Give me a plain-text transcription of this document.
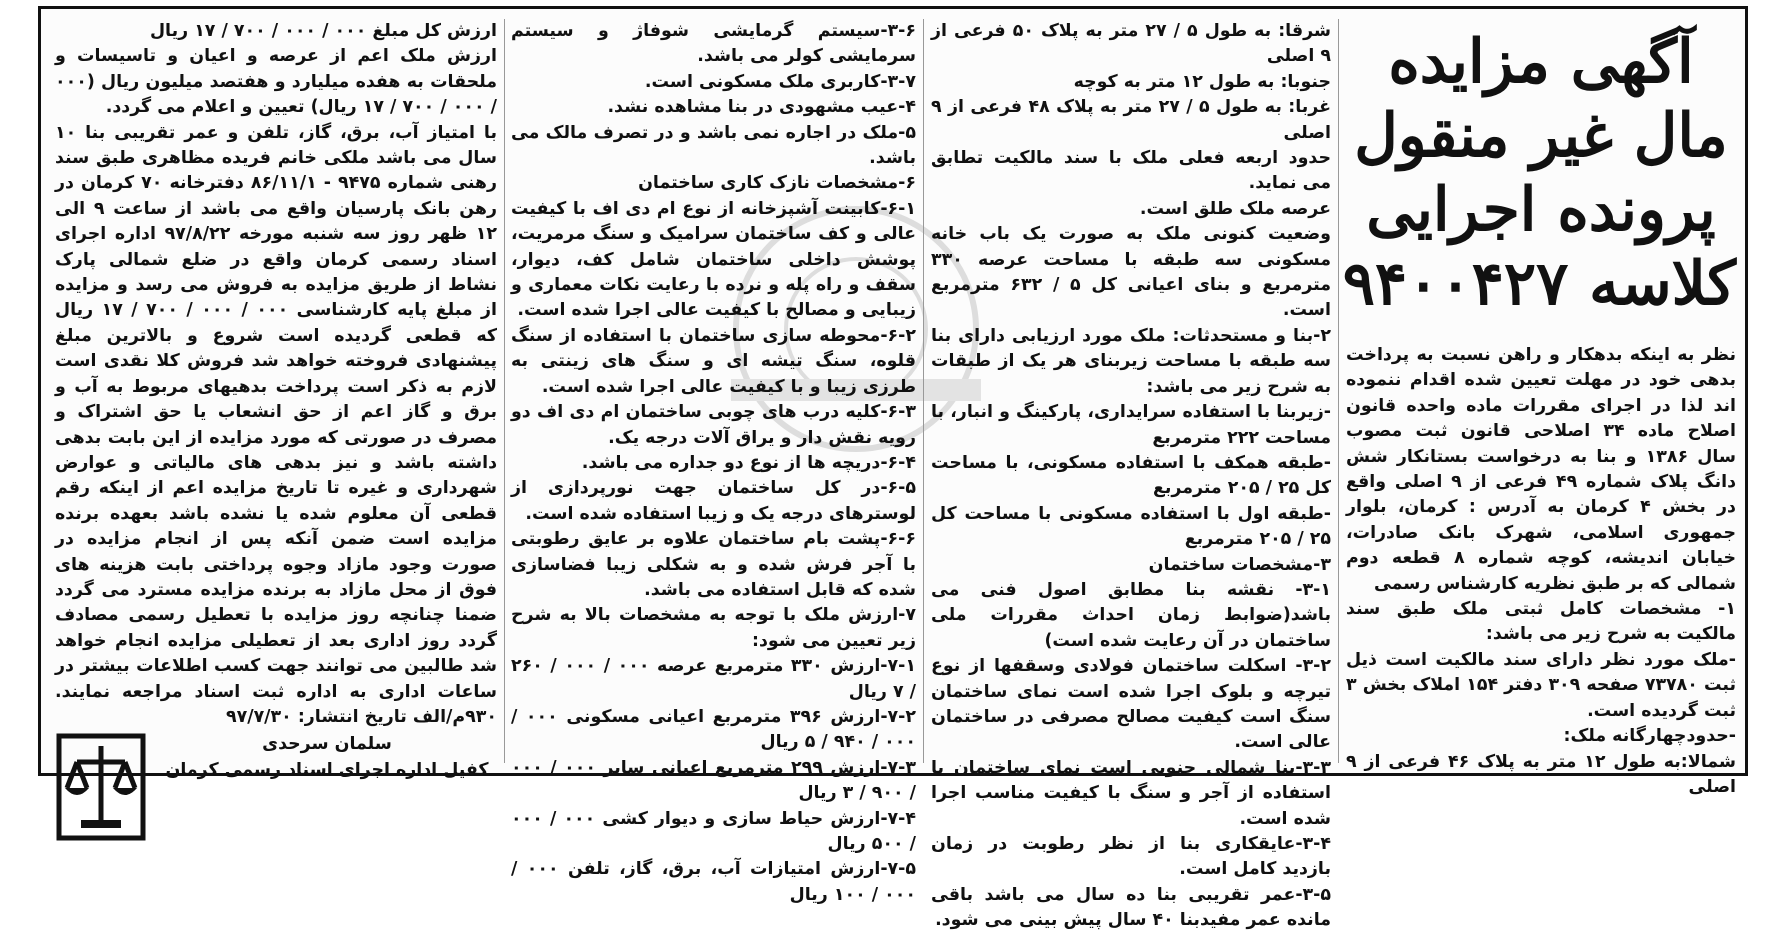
آگهی مزایده
مال غیر منقول
پرونده اجرایی
کلاسه ۹۴۰۰۴۲۷

نظر به اینکه بدهکار و راهن نسبت به پرداخت بدهی خود در مهلت تعیین شده اقدام ننموده اند لذا در اجرای مقررات ماده واحده قانون اصلاح ماده ۳۴ اصلاحی قانون ثبت مصوب سال ۱۳۸۶ و بنا به درخواست بستانکار شش دانگ پلاک شماره ۴۹ فرعی از ۹ اصلی واقع در بخش ۴ کرمان به آدرس : کرمان، بلوار جمهوری اسلامی، شهرک بانک صادرات، خیابان اندیشه، کوچه شماره ۸ قطعه دوم شمالی که بر طبق نظریه کارشناس رسمی

۱- مشخصات کامل ثبتی ملک طبق سند مالکیت به شرح زیر می باشد:

-ملک مورد نظر دارای سند مالکیت است ذیل ثبت ۷۳۷۸۰ صفحه ۳۰۹ دفتر ۱۵۴ املاک بخش ۳ ثبت گردیده است.

-حدودچهارگانه ملک:

شمالا:به طول ۱۲ متر به پلاک ۴۶ فرعی از ۹ اصلی

شرقا: به طول ۵ / ۲۷ متر به پلاک ۵۰ فرعی از ۹ اصلی

جنوبا: به طول ۱۲ متر به کوچه

غربا: به طول ۵ / ۲۷ متر به پلاک ۴۸ فرعی از ۹ اصلی

حدود اربعه فعلی ملک با سند مالکیت تطابق می نماید.

عرصه ملک طلق است.

وضعیت کنونی ملک به صورت یک باب خانه مسکونی سه طبقه با مساحت عرصه ۳۳۰ مترمربع و بنای اعیانی کل ۵ / ۶۳۲ مترمربع است.

۲-بنا و مستحدثات: ملک مورد ارزیابی دارای بنا سه طبقه با مساحت زیربنای هر یک از طبقات به شرح زیر می باشد:

-زیربنا با استفاده سرایداری، پارکینگ و انبار، با مساحت ۲۲۲ مترمربع

-طبقه همکف با استفاده مسکونی، با مساحت کل ۲۵ / ۲۰۵ مترمربع

-طبقه اول با استفاده مسکونی با مساحت کل ۲۵ / ۲۰۵ مترمربع

۳-مشخصات ساختمان

۳-۱- نقشه بنا مطابق اصول فنی می باشد(ضوابط زمان احداث مقررات ملی ساختمان در آن رعایت شده است)

۳-۲- اسکلت ساختمان فولادی وسقفها از نوع تیرچه و بلوک اجرا شده است نمای ساختمان سنگ است کیفیت مصالح مصرفی در ساختمان عالی است.

۳-۳-بنا شمالی جنوبی است نمای ساختمان با استفاده از آجر و سنگ با کیفیت مناسب اجرا شده است.

۳-۴-عایقکاری بنا از نظر رطوبت در زمان بازدید کامل است.

۳-۵-عمر تقریبی بنا ده سال می باشد باقی مانده عمر مفیدبنا ۴۰ سال پیش بینی می شود.

۳-۶-سیستم گرمایشی شوفاژ و سیستم سرمایشی کولر می باشد.

۳-۷-کاربری ملک مسکونی است.

۴-عیب مشهودی در بنا مشاهده نشد.

۵-ملک در اجاره نمی باشد و در تصرف مالک می باشد.

۶-مشخصات نازک کاری ساختمان

۶-۱-کابینت آشپزخانه از نوع ام دی اف با کیفیت عالی و کف ساختمان سرامیک و سنگ مرمریت، پوشش داخلی ساختمان شامل کف، دیوار، سقف و راه پله و نرده با رعایت نکات معماری و زیبایی و مصالح با کیفیت عالی اجرا شده است.

۶-۲-محوطه سازی ساختمان با استفاده از سنگ قلوه، سنگ تیشه ای و سنگ های زینتی به طرزی زیبا و با کیفیت عالی اجرا شده است.

۶-۳-کلیه درب های چوبی ساختمان ام دی اف دو رویه نقش دار و یراق آلات درجه یک.

۶-۴-دریچه ها از نوع دو جداره می باشد.

۶-۵-در کل ساختمان جهت نورپردازی از لوسترهای درجه یک و زیبا استفاده شده است.

۶-۶-پشت بام ساختمان علاوه بر عایق رطوبتی با آجر فرش شده و به شکلی زیبا فضاسازی شده که قابل استفاده می باشد.

۷-ارزش ملک با توجه به مشخصات بالا به شرح زیر تعیین می شود:

۷-۱-ارزش ۳۳۰ مترمربع عرصه ۰۰۰ / ۰۰۰ / ۲۶۰ / ۷ ریال

۷-۲-ارزش ۳۹۶ مترمربع اعیانی مسکونی ۰۰۰ / ۰۰۰ / ۹۴۰ / ۵ ریال

۷-۳-ارزش ۲۹۹ مترمربع اعیانی سایر ۰۰۰ / ۰۰۰ / ۹۰۰ / ۳ ریال

۷-۴-ارزش حیاط سازی و دیوار کشی ۰۰۰ / ۰۰۰ / ۵۰۰ ریال

۷-۵-ارزش امتیازات آب، برق، گاز، تلفن ۰۰۰ / ۰۰۰ / ۱۰۰ ریال

ارزش کل مبلغ ۰۰۰ / ۰۰۰ / ۷۰۰ / ۱۷ ریال

ارزش ملک اعم از عرصه و اعیان و تاسیسات و ملحقات به هفده میلیارد و هفتصد میلیون ریال (۰۰۰ / ۰۰۰ / ۷۰۰ / ۱۷ ریال) تعیین و اعلام می گردد.

با امتیاز آب، برق، گاز، تلفن و عمر تقریبی بنا ۱۰ سال می باشد ملکی خانم فریده مظاهری طبق سند رهنی شماره ۹۴۷۵ - ۸۶/۱۱/۱ دفترخانه ۷۰ کرمان در رهن بانک پارسیان واقع می باشد از ساعت ۹ الی ۱۲ ظهر روز سه شنبه مورخه ۹۷/۸/۲۲ اداره اجرای اسناد رسمی کرمان واقع در ضلع شمالی پارک نشاط از طریق مزایده به فروش می رسد و مزایده از مبلغ پایه کارشناسی ۰۰۰ / ۰۰۰ / ۷۰۰ / ۱۷ ریال که قطعی گردیده است شروع و بالاترین مبلغ پیشنهادی فروخته خواهد شد فروش کلا نقدی است لازم به ذکر است پرداخت بدهیهای مربوط به آب و برق و گاز اعم از حق انشعاب یا حق اشتراک و مصرف در صورتی که مورد مزایده از این بابت بدهی داشته باشد و نیز بدهی های مالیاتی و عوارض شهرداری و غیره تا تاریخ مزایده اعم از اینکه رقم قطعی آن معلوم شده یا نشده باشد بعهده برنده مزایده است ضمن آنکه پس از انجام مزایده در صورت وجود مازاد وجوه پرداختی بابت هزینه های فوق از محل مازاد به برنده مزایده مسترد می گردد ضمنا چنانچه روز مزایده با تعطیل رسمی مصادف گردد روز اداری بعد از تعطیلی مزایده انجام خواهد شد طالبین می توانند جهت کسب اطلاعات بیشتر در ساعات اداری به اداره ثبت اسناد مراجعه نمایند. ۹۳۰م/الف تاریخ انتشار: ۹۷/۷/۳۰

سلمان سرحدی
کفیل اداره اجرای اسناد رسمی کرمان
